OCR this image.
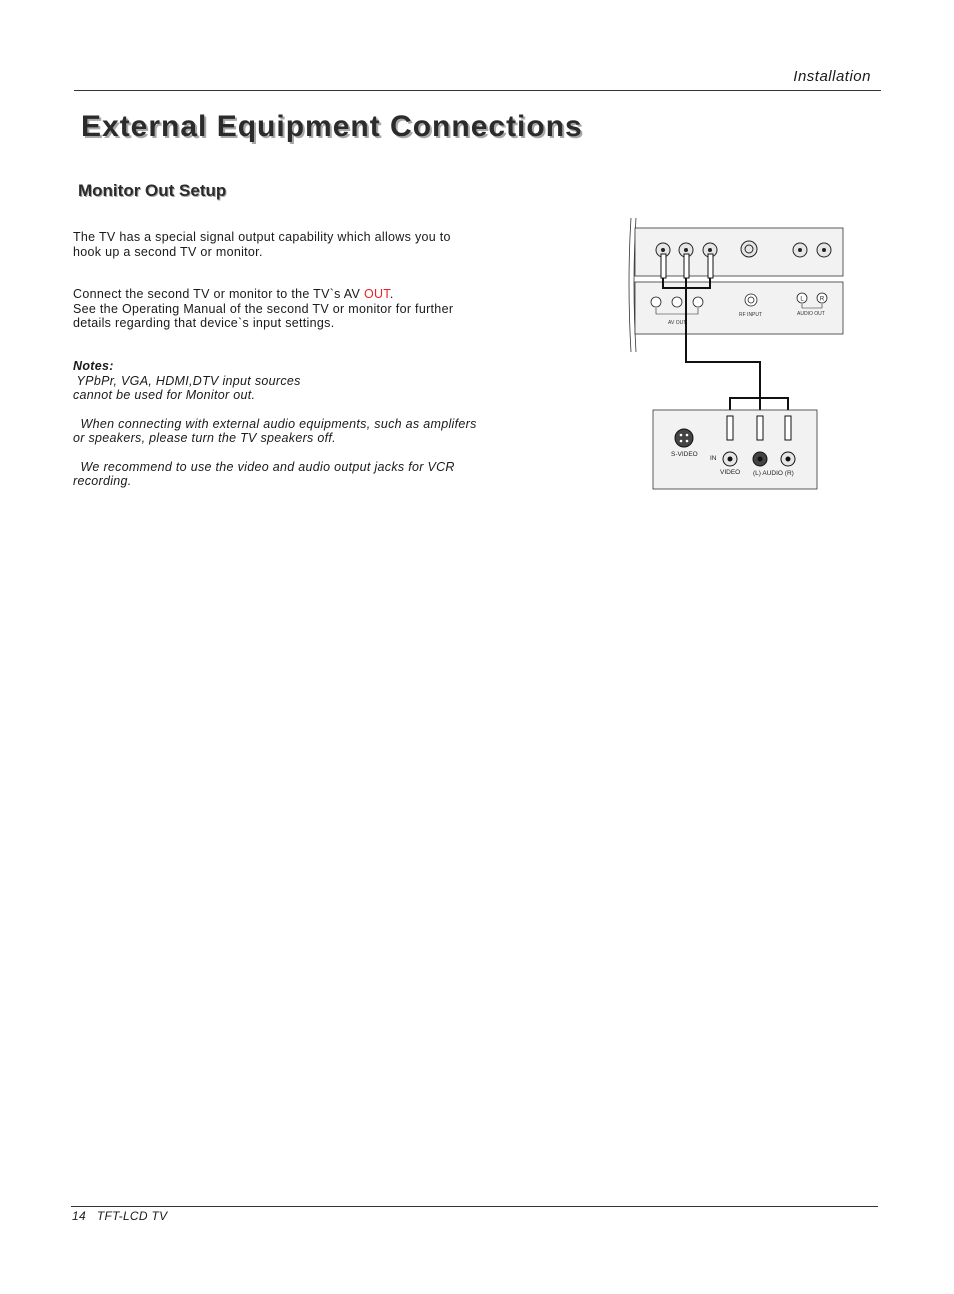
Installation
External Equipment Connections
Monitor Out Setup
The TV has a special signal output capability which allows you to
hook up a second TV or monitor.
Connect the second TV or monitor to the TV`s AV OUT.
See the Operating Manual of the second TV or monitor for further
details regarding that device`s input settings.
Notes:
YPbPr, VGA, HDMI,DTV input sources
cannot be used for Monitor out.
When connecting with external audio equipments, such as amplifers
or speakers, please turn the TV speakers off.
We recommend to use the video and audio output jacks for VCR
recording.
L	R
AV OUT
RF INPUT	AUDIO OUT
S-VIDEO
IN
VIDEO (L) AUDIO (R)
14 TFT-LCD TV
